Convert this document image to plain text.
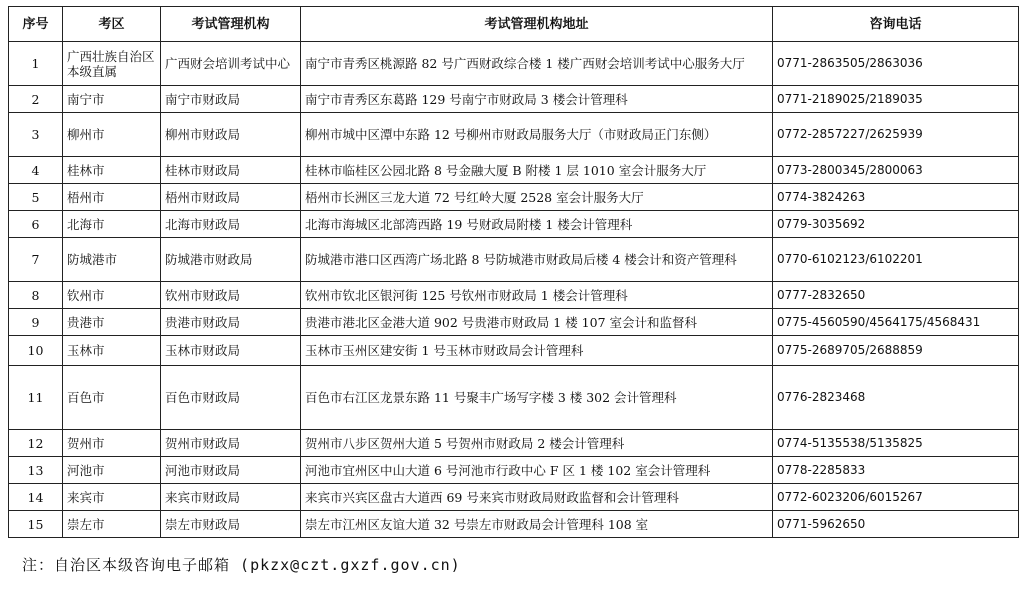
序号	考区	考试管理机构	考试管理机构地址	咨询电话
1	广西壮族自治区本级直属	广西财会培训考试中心	南宁市青秀区桃源路 82 号广西财政综合楼 1 楼广西财会培训考试中心服务大厅	0771-2863505/2863036
2	南宁市	南宁市财政局	南宁市青秀区东葛路 129 号南宁市财政局 3 楼会计管理科	0771-2189025/2189035
3	柳州市	柳州市财政局	柳州市城中区潭中东路 12 号柳州市财政局服务大厅（市财政局正门东侧）	0772-2857227/2625939
4	桂林市	桂林市财政局	桂林市临桂区公园北路 8 号金融大厦 B 附楼 1 层 1010 室会计服务大厅	0773-2800345/2800063
5	梧州市	梧州市财政局	梧州市长洲区三龙大道 72 号红岭大厦 2528 室会计服务大厅	0774-3824263
6	北海市	北海市财政局	北海市海城区北部湾西路 19 号财政局附楼 1 楼会计管理科	0779-3035692
7	防城港市	防城港市财政局	防城港市港口区西湾广场北路 8 号防城港市财政局后楼 4 楼会计和资产管理科	0770-6102123/6102201
8	钦州市	钦州市财政局	钦州市钦北区银河街 125 号钦州市财政局 1 楼会计管理科	0777-2832650
9	贵港市	贵港市财政局	贵港市港北区金港大道 902 号贵港市财政局 1 楼 107 室会计和监督科	0775-4560590/4564175/4568431
10	玉林市	玉林市财政局	玉林市玉州区建安街 1 号玉林市财政局会计管理科	0775-2689705/2688859
11	百色市	百色市财政局	百色市右江区龙景东路 11 号聚丰广场写字楼 3 楼 302 会计管理科	0776-2823468
12	贺州市	贺州市财政局	贺州市八步区贺州大道 5 号贺州市财政局 2 楼会计管理科	0774-5135538/5135825
13	河池市	河池市财政局	河池市宜州区中山大道 6 号河池市行政中心 F 区 1 楼 102 室会计管理科	0778-2285833
14	来宾市	来宾市财政局	来宾市兴宾区盘古大道西 69 号来宾市财政局财政监督和会计管理科	0772-6023206/6015267
15	崇左市	崇左市财政局	崇左市江州区友谊大道 32 号崇左市财政局会计管理科 108 室	0771-5962650
注：自治区本级咨询电子邮箱 (pkzx@czt.gxzf.gov.cn)
